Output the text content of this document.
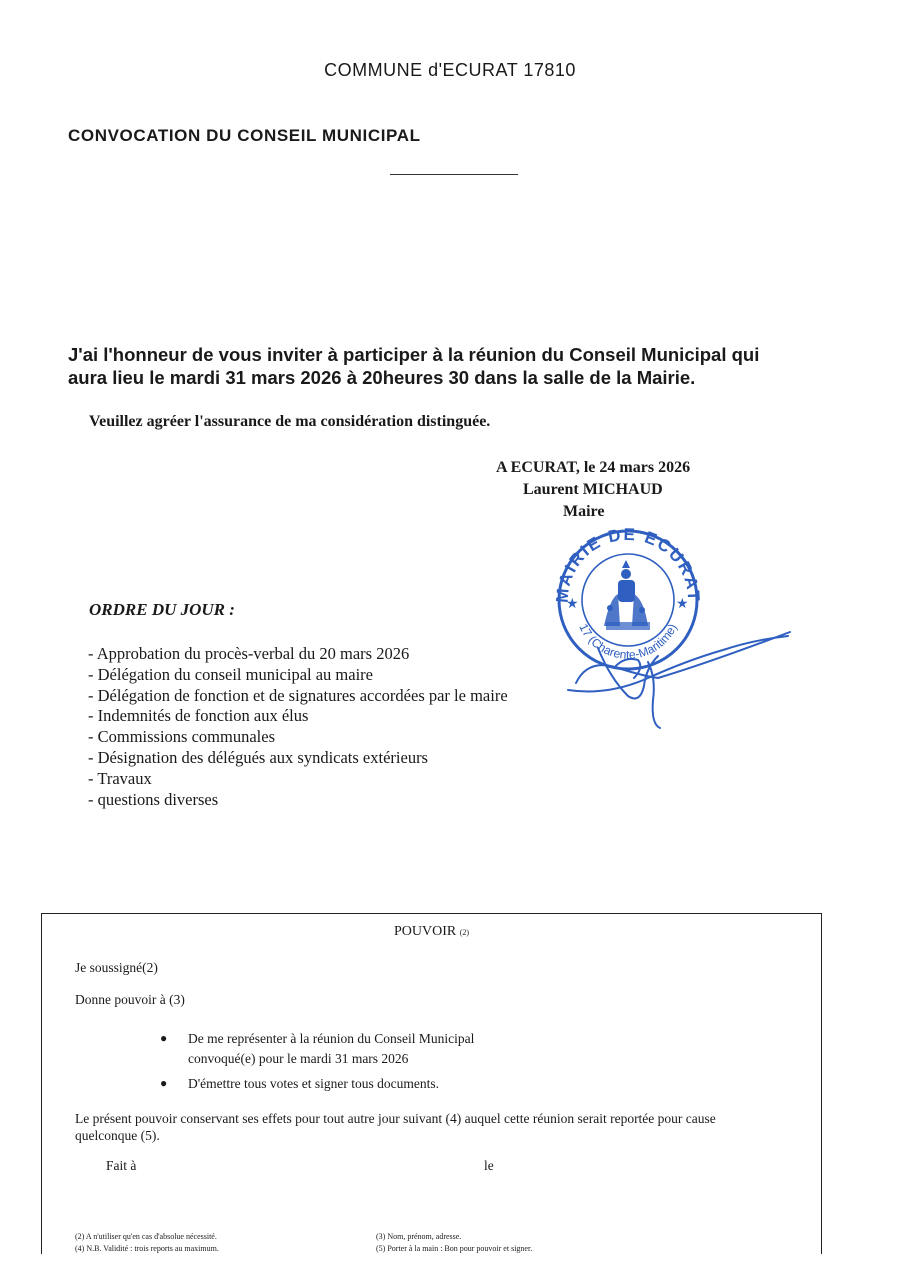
COMMUNE d'ECURAT 17810
CONVOCATION DU CONSEIL MUNICIPAL
J'ai l'honneur de vous inviter à participer à la réunion du Conseil Municipal qui
aura lieu le mardi 31 mars 2026 à 20heures 30 dans la salle de la Mairie.
Veuillez agréer l'assurance de ma considération distinguée.
A ECURAT, le 24 mars 2026
Laurent MICHAUD
Maire
MAIRIE DE ECURAT
17 (Charente-Maritime)
★	★
ORDRE DU JOUR :
- Approbation du procès-verbal du 20 mars 2026
- Délégation du conseil municipal au maire
- Délégation de fonction et de signatures accordées par le maire
- Indemnités de fonction aux élus
- Commissions communales
- Désignation des délégués aux syndicats extérieurs
- Travaux
- questions diverses
POUVOIR (2)
Je soussigné(2)
Donne pouvoir à (3)
● De me représenter à la réunion du Conseil Municipal
convoqué(e) pour le mardi 31 mars 2026
● D'émettre tous votes et signer tous documents.
Le présent pouvoir conservant ses effets pour tout autre jour suivant (4) auquel cette réunion serait reportée pour cause
quelconque (5).
Fait à	le
(2) A n'utiliser qu'en cas d'absolue nécessité.
(4) N.B. Validité : trois reports au maximum.
(3) Nom, prénom, adresse.
(5) Porter à la main : Bon pour pouvoir et signer.
